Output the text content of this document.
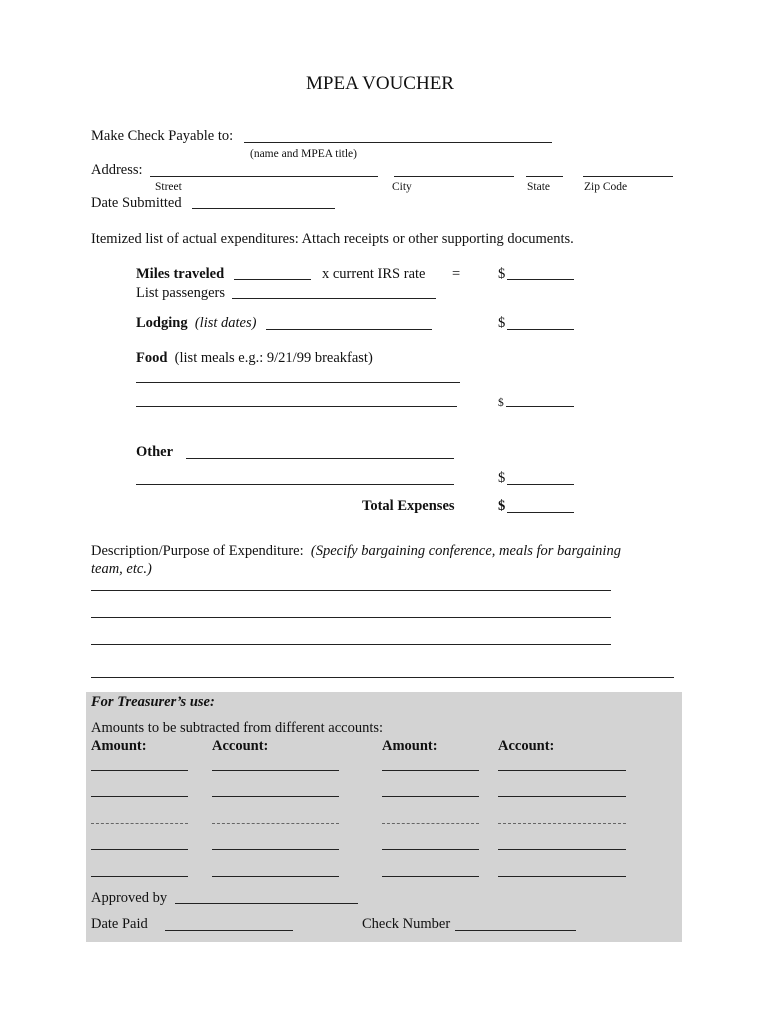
MPEA VOUCHER
Make Check Payable to:
(name and MPEA title)
Address:
Street	City	State	Zip Code
Date Submitted
Itemized list of actual expenditures: Attach receipts or other supporting documents.
Miles traveled	x current IRS rate =	$
List passengers
Lodging (list dates)	$
Food (list meals e.g.: 9/21/99 breakfast)
$
Other
$
Total Expenses	$
Description/Purpose of Expenditure: (Specify bargaining conference, meals for bargaining
team, etc.)
For Treasurer’s use:
Amounts to be subtracted from different accounts:
Amount:	Account:	Amount:	Account:
Approved by
Date Paid	Check Number
